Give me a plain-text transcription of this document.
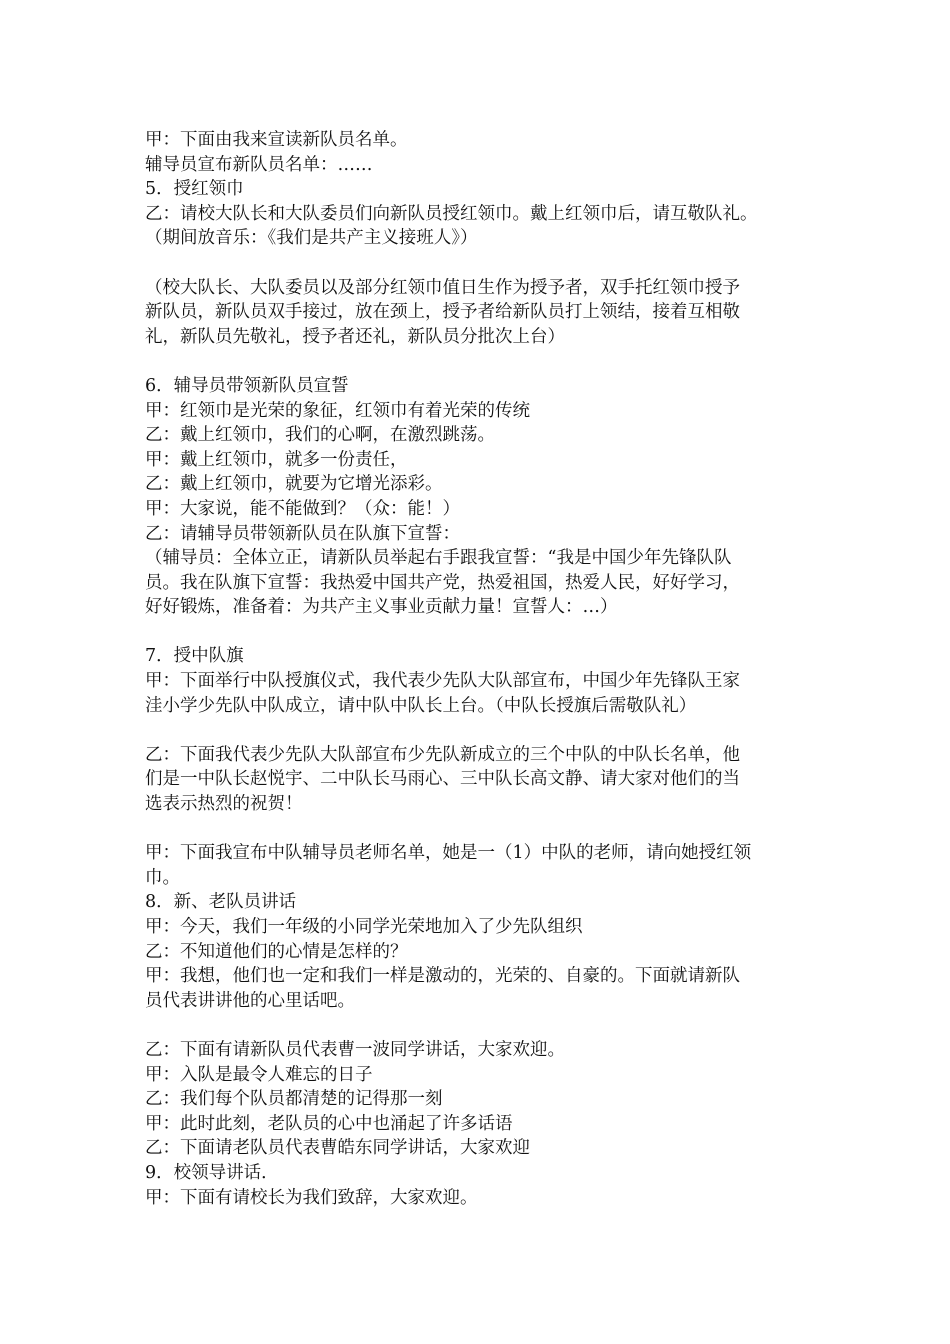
甲：下面由我来宣读新队员名单。
辅导员宣布新队员名单：……
5．授红领巾
乙：请校大队长和大队委员们向新队员授红领巾。戴上红领巾后，请互敬队礼。
（期间放音乐：《我们是共产主义接班人》）
（校大队长、大队委员以及部分红领巾值日生作为授予者，双手托红领巾授予
新队员，新队员双手接过，放在颈上，授予者给新队员打上领结，接着互相敬
礼，新队员先敬礼，授予者还礼，新队员分批次上台）
6．辅导员带领新队员宣誓
甲：红领巾是光荣的象征，红领巾有着光荣的传统
乙：戴上红领巾，我们的心啊，在激烈跳荡。
甲：戴上红领巾，就多一份责任，
乙：戴上红领巾，就要为它增光添彩。
甲：大家说，能不能做到？（众：能！）
乙：请辅导员带领新队员在队旗下宣誓：
（辅导员：全体立正，请新队员举起右手跟我宣誓：“我是中国少年先锋队队
员。我在队旗下宣誓：我热爱中国共产党，热爱祖国，热爱人民，好好学习，
好好锻炼，准备着：为共产主义事业贡献力量！宣誓人：…）
7．授中队旗
甲：下面举行中队授旗仪式，我代表少先队大队部宣布，中国少年先锋队王家
洼小学少先队中队成立，请中队中队长上台。（中队长授旗后需敬队礼）
乙：下面我代表少先队大队部宣布少先队新成立的三个中队的中队长名单，他
们是一中队长赵悦宇、二中队长马雨心、三中队长高文静、请大家对他们的当
选表示热烈的祝贺！
甲：下面我宣布中队辅导员老师名单，她是一（1）中队的老师，请向她授红领
巾。
8．新、老队员讲话
甲：今天，我们一年级的小同学光荣地加入了少先队组织
乙：不知道他们的心情是怎样的？
甲：我想，他们也一定和我们一样是激动的，光荣的、自豪的。下面就请新队
员代表讲讲他的心里话吧。
乙：下面有请新队员代表曹一波同学讲话，大家欢迎。
甲：入队是最令人难忘的日子
乙：我们每个队员都清楚的记得那一刻
甲：此时此刻，老队员的心中也涌起了许多话语
乙：下面请老队员代表曹皓东同学讲话，大家欢迎
9．校领导讲话．
甲：下面有请校长为我们致辞，大家欢迎。
